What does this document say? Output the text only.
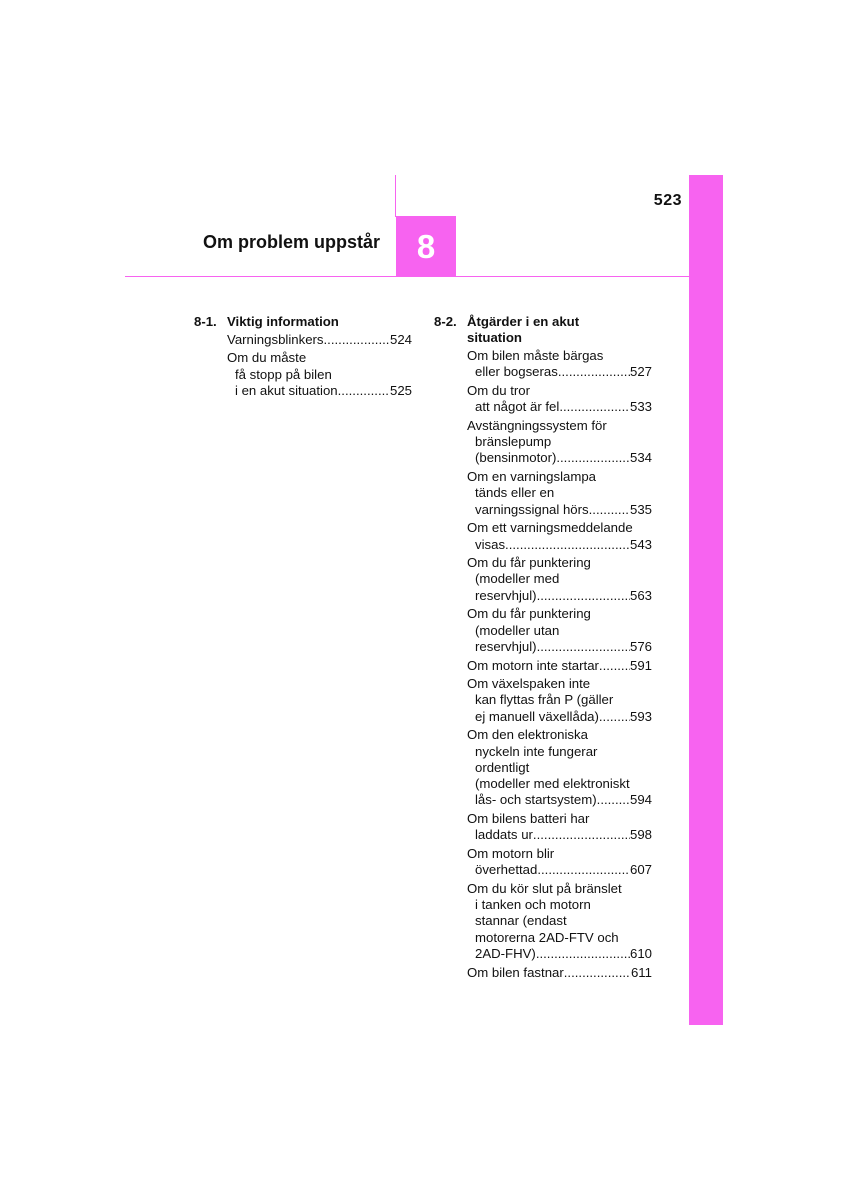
523
8
Om problem uppstår
8-1. Viktig information
Varningsblinkers .....	524
Om du måste
få stopp på bilen
i en akut situation .....	525
8-2. Åtgärder i en akut
situation
Om bilen måste bärgas
eller bogseras .....	527
Om du tror
att något är fel .....	533
Avstängningssystem för
bränslepump
(bensinmotor) .....	534
Om en varningslampa
tänds eller en
varningssignal hörs .....	535
Om ett varningsmeddelande
visas .....	543
Om du får punktering
(modeller med
reservhjul) .....	563
Om du får punktering
(modeller utan
reservhjul) .....	576
Om motorn inte startar ..... 591
Om växelspaken inte
kan flyttas från P (gäller
ej manuell växellåda) ..... 593
Om den elektroniska
nyckeln inte fungerar
ordentligt
(modeller med elektroniskt
lås- och startsystem) .....	594
Om bilens batteri har
laddats ur .....	598
Om motorn blir
överhettad .....	607
Om du kör slut på bränslet
i tanken och motorn
stannar (endast
motorerna 2AD-FTV och
2AD-FHV) .....	610
Om bilen fastnar .....	611
